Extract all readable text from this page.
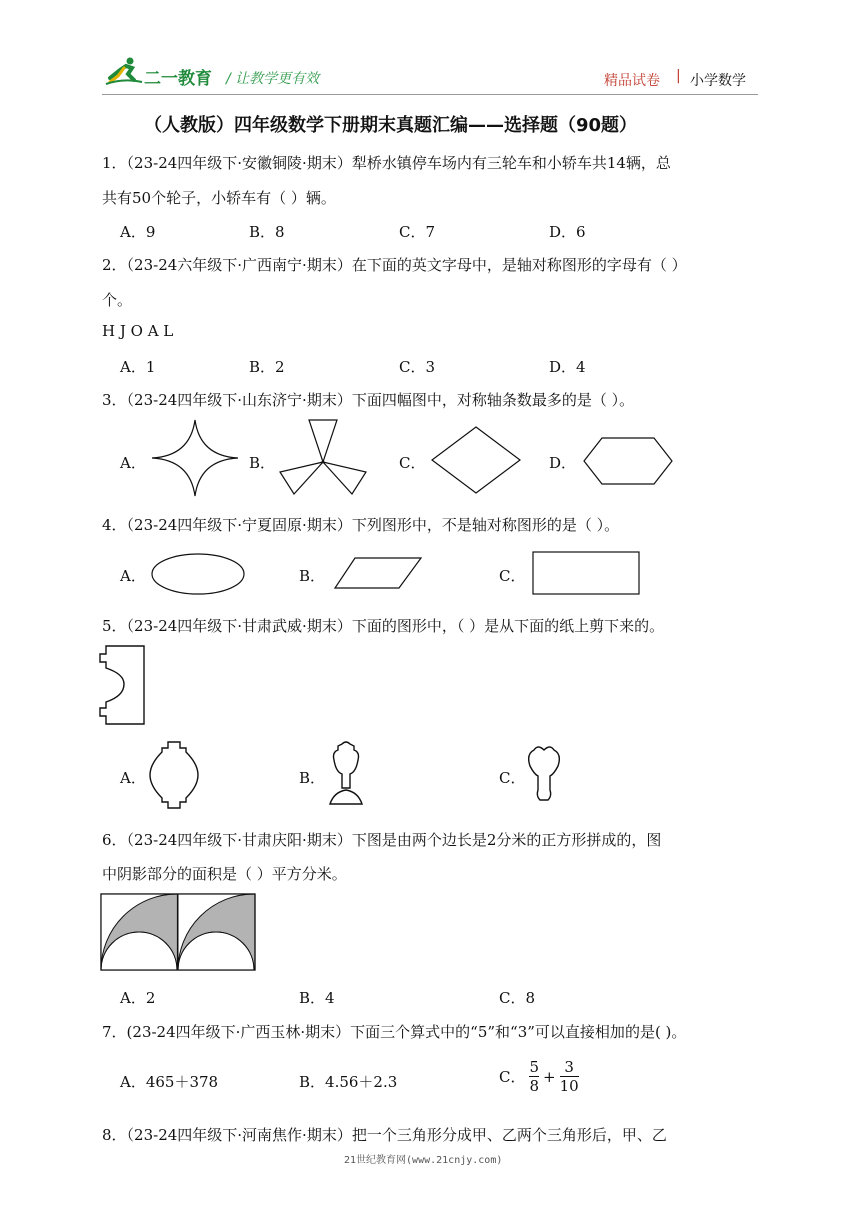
二一教育 / 让教学更有效	精品试卷 | 小学数学
（人教版）四年级数学下册期末真题汇编——选择题（90题）
1．（23-24四年级下·安徽铜陵·期末）犁桥水镇停车场内有三轮车和小轿车共14辆，总
共有50个轮子，小轿车有（ ）辆。
A．9	B．8	C．7	D．6
2．（23-24六年级下·广西南宁·期末）在下面的英文字母中，是轴对称图形的字母有（ ）
个。
H J O A L
A．1	B．2	C．3	D．4
3．（23-24四年级下·山东济宁·期末）下面四幅图中，对称轴条数最多的是（ ）。
A．	B．	C．	D．
4．（23-24四年级下·宁夏固原·期末）下列图形中，不是轴对称图形的是（ ）。
A．	B．	C．
5．（23-24四年级下·甘肃武威·期末）下面的图形中，（ ）是从下面的纸上剪下来的。
A．	B．	C．
6．（23-24四年级下·甘肃庆阳·期末）下图是由两个边长是2分米的正方形拼成的，图
中阴影部分的面积是（ ）平方分米。
A．2	B．4	C．8
7．(23-24四年级下·广西玉林·期末）下面三个算式中的“5”和“3”可以直接相加的是( )。
A．465＋378	B．4.56＋2.3	C． $\frac{5}{8} + \frac{3}{10}$
8．（23-24四年级下·河南焦作·期末）把一个三角形分成甲、乙两个三角形后，甲、乙
21世纪教育网(www.21cnjy.com)
